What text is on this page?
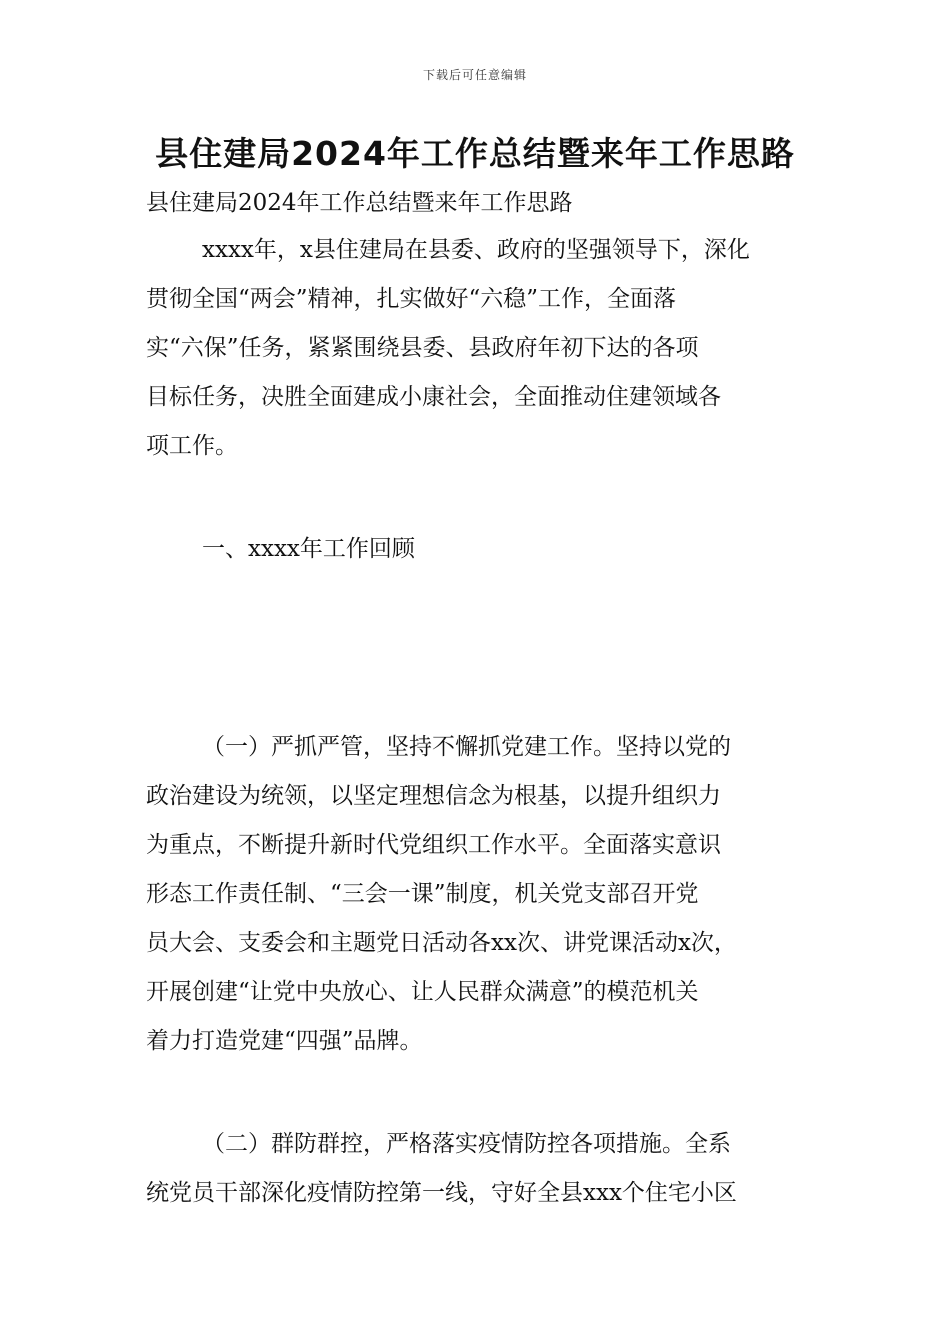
下载后可任意编辑
县住建局2024年工作总结暨来年工作思路
县住建局2024年工作总结暨来年工作思路
xxxx年，x县住建局在县委、政府的坚强领导下，深化
贯彻全国“两会”精神，扎实做好“六稳”工作，全面落
实“六保”任务，紧紧围绕县委、县政府年初下达的各项
目标任务，决胜全面建成小康社会，全面推动住建领域各
项工作。
一、xxxx年工作回顾
（一）严抓严管，坚持不懈抓党建工作。坚持以党的
政治建设为统领，以坚定理想信念为根基，以提升组织力
为重点，不断提升新时代党组织工作水平。全面落实意识
形态工作责任制、“三会一课”制度，机关党支部召开党
员大会、支委会和主题党日活动各xx次、讲党课活动x次，
开展创建“让党中央放心、让人民群众满意”的模范机关
着力打造党建“四强”品牌。
（二）群防群控，严格落实疫情防控各项措施。全系
统党员干部深化疫情防控第一线，守好全县xxx个住宅小区
